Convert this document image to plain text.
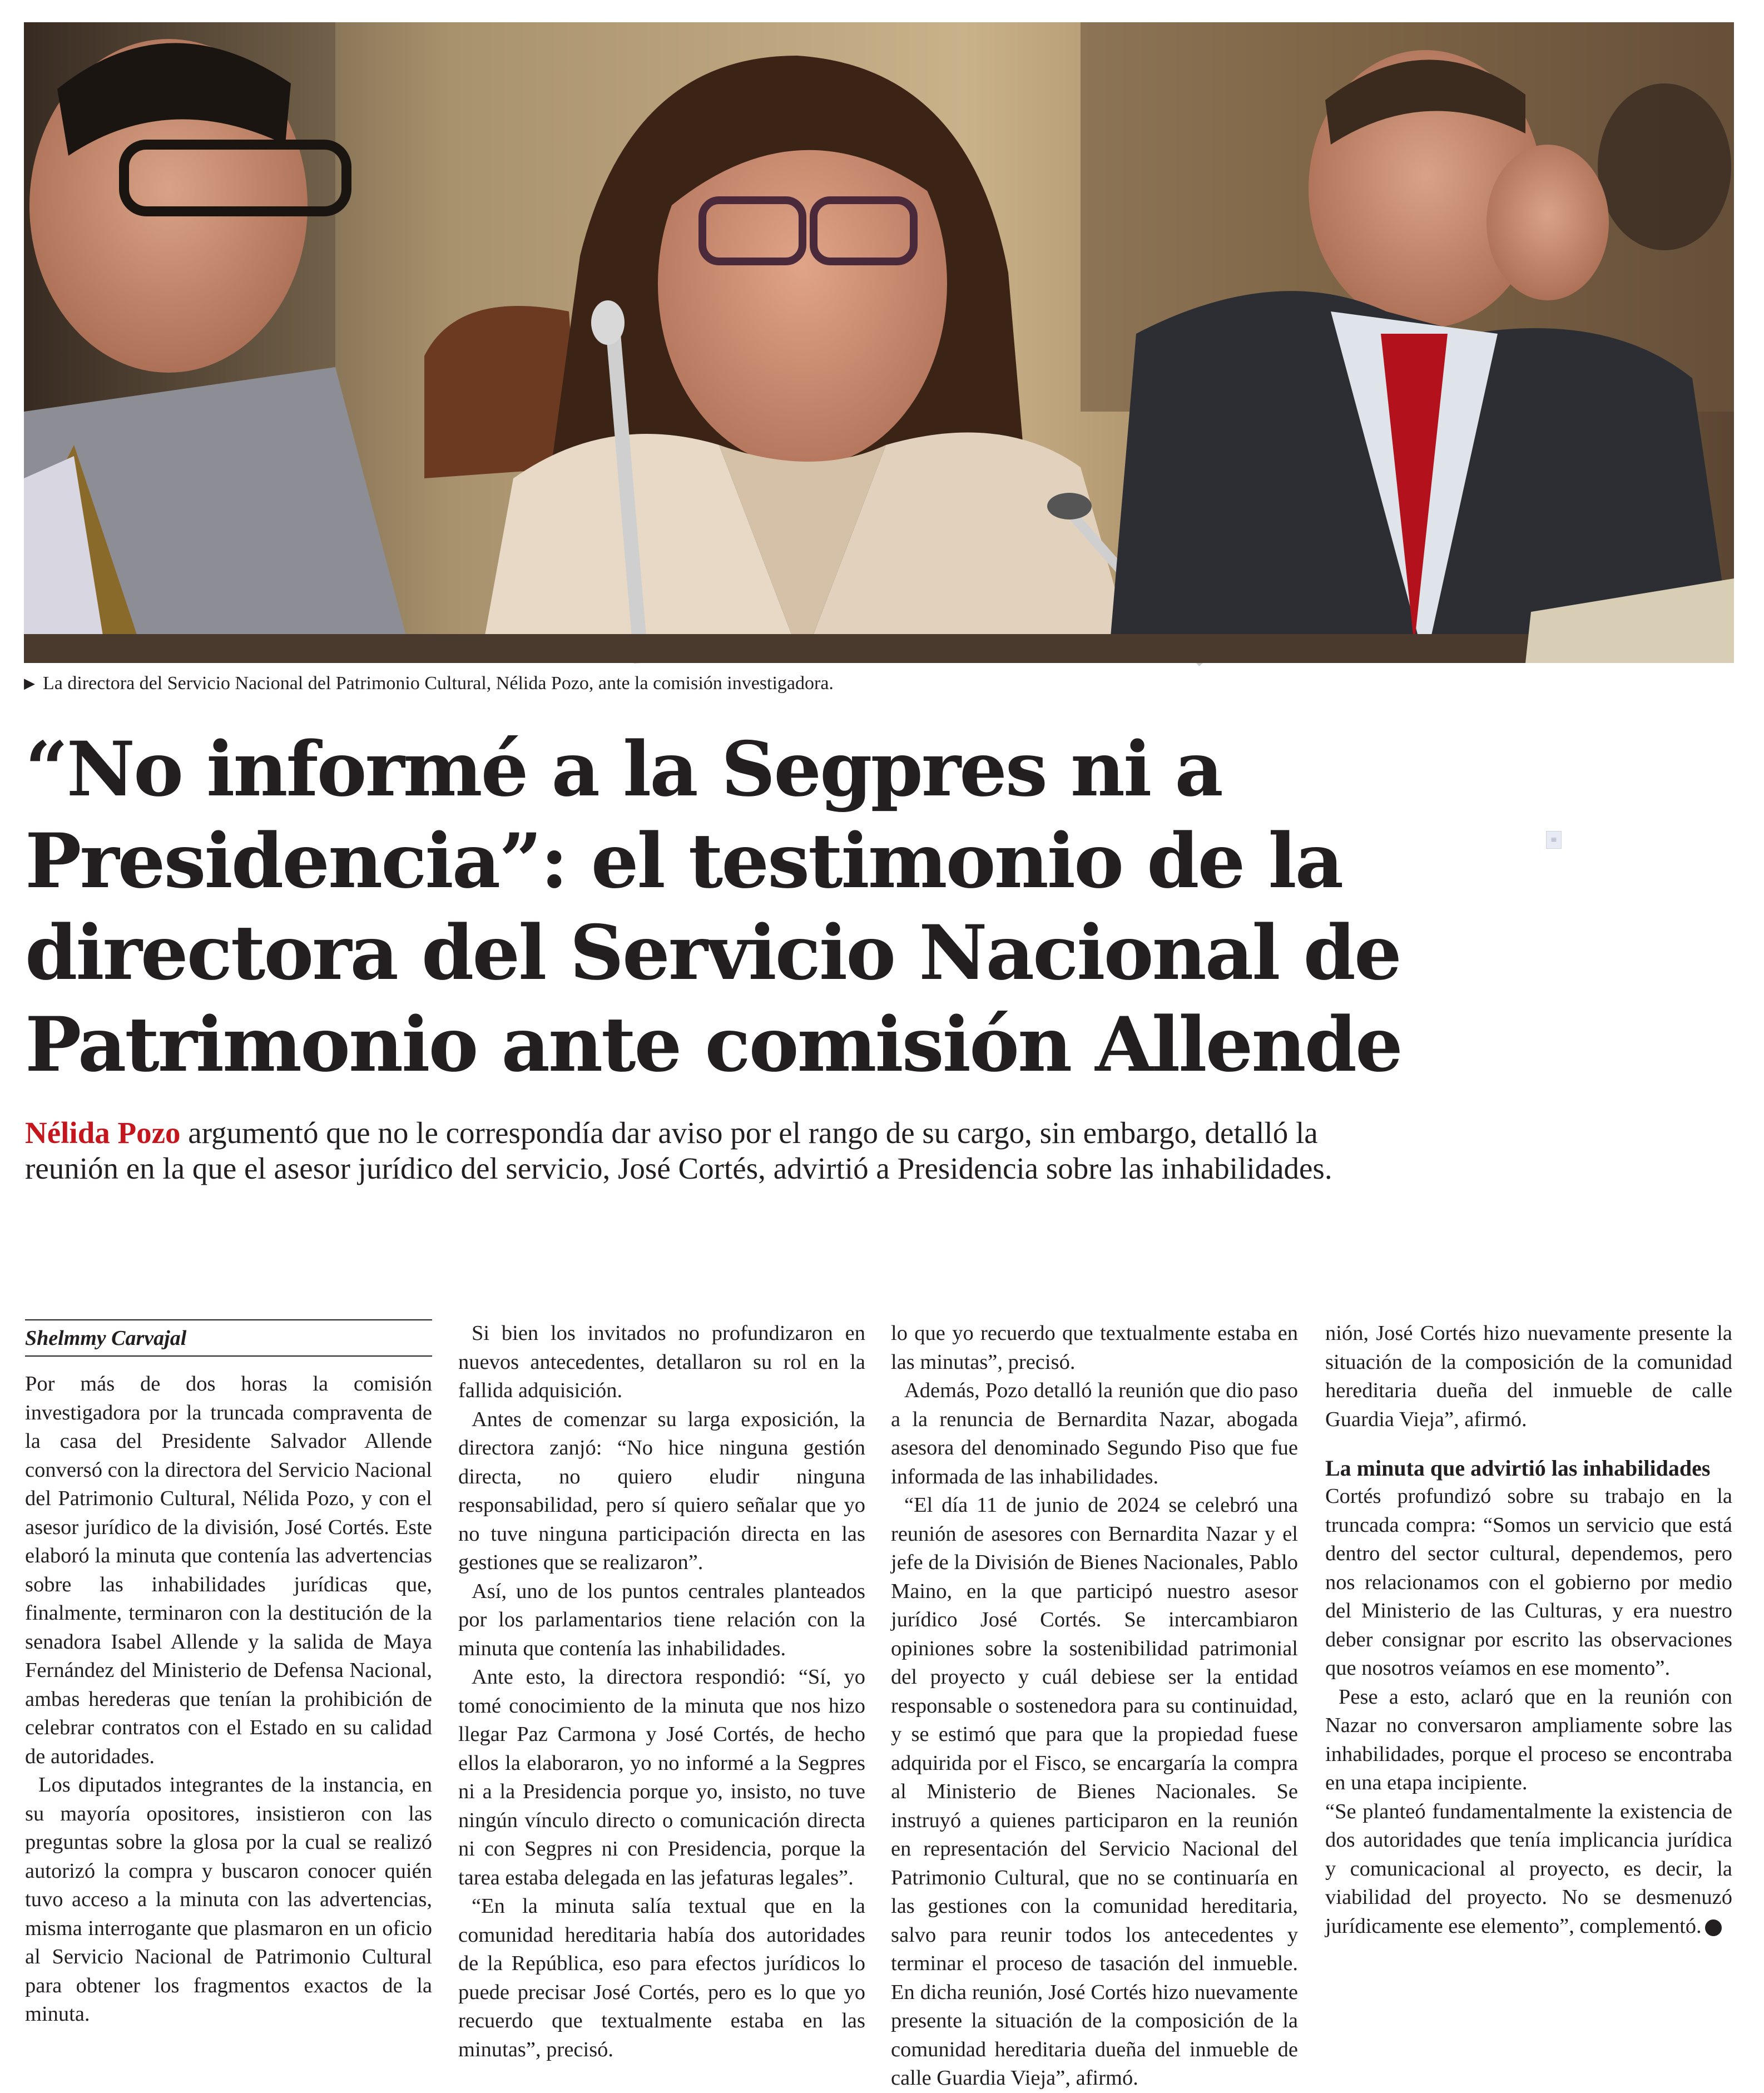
▶ La directora del Servicio Nacional del Patrimonio Cultural, Nélida Pozo, ante la comisión investigadora.
≡
“No informé a la Segpres ni a
Presidencia”: el testimonio de la
directora del Servicio Nacional de
Patrimonio ante comisión Allende
Nélida Pozo argumentó que no le correspondía dar aviso por el rango de su cargo, sin embargo, detalló la
reunión en la que el asesor jurídico del servicio, José Cortés, advirtió a Presidencia sobre las inhabilidades.
Shelmmy Carvajal

Por más de dos horas la comisión investigadora por la truncada compraventa de la casa del Presidente Salvador Allende conversó con la directora del Servicio Nacional del Patrimonio Cultural, Nélida Pozo, y con el asesor jurídico de la división, José Cortés. Este elaboró la minuta que contenía las advertencias sobre las inhabilidades jurídicas que, finalmente, terminaron con la destitución de la senadora Isabel Allende y la salida de Maya Fernández del Ministerio de Defensa Nacional, ambas herederas que tenían la prohibición de celebrar contratos con el Estado en su calidad de autoridades.

Los diputados integrantes de la instancia, en su mayoría opositores, insistieron con las preguntas sobre la glosa por la cual se realizó autorizó la compra y buscaron conocer quién tuvo acceso a la minuta con las advertencias, misma interrogante que plasmaron en un oficio al Servicio Nacional de Patrimonio Cultural para obtener los fragmentos exactos de la minuta.

Si bien los invitados no profundizaron en nuevos antecedentes, detallaron su rol en la fallida adquisición.

Antes de comenzar su larga exposición, la directora zanjó: “No hice ninguna gestión directa, no quiero eludir ninguna responsabilidad, pero sí quiero señalar que yo no tuve ninguna participación directa en las gestiones que se realizaron”.

Así, uno de los puntos centrales planteados por los parlamentarios tiene relación con la minuta que contenía las inhabilidades.

Ante esto, la directora respondió: “Sí, yo tomé conocimiento de la minuta que nos hizo llegar Paz Carmona y José Cortés, de hecho ellos la elaboraron, yo no informé a la Segpres ni a la Presidencia porque yo, insisto, no tuve ningún vínculo directo o comunicación directa ni con Segpres ni con Presidencia, porque la tarea estaba delegada en las jefaturas legales”.

“En la minuta salía textual que en la comunidad hereditaria había dos autoridades de la República, eso para efectos jurídicos lo puede precisar José Cortés, pero es lo que yo recuerdo que textualmente estaba en las minutas”, precisó.

lo que yo recuerdo que textualmente estaba en las minutas”, precisó.

Además, Pozo detalló la reunión que dio paso a la renuncia de Bernardita Nazar, abogada asesora del denominado Segundo Piso que fue informada de las inhabilidades.

“El día 11 de junio de 2024 se celebró una reunión de asesores con Bernardita Nazar y el jefe de la División de Bienes Nacionales, Pablo Maino, en la que participó nuestro asesor jurídico José Cortés. Se intercambiaron opiniones sobre la sostenibilidad patrimonial del proyecto y cuál debiese ser la entidad responsable o sostenedora para su continuidad, y se estimó que para que la propiedad fuese adquirida por el Fisco, se encargaría la compra al Ministerio de Bienes Nacionales. Se instruyó a quienes participaron en la reunión en representación del Servicio Nacional del Patrimonio Cultural, que no se continuaría en las gestiones con la comunidad hereditaria, salvo para reunir todos los antecedentes y terminar el proceso de tasación del inmueble. En dicha reunión, José Cortés hizo nuevamente presente la situación de la composición de la comunidad hereditaria dueña del inmueble de calle Guardia Vieja”, afirmó.

nión, José Cortés hizo nuevamente presente la situación de la composición de la comunidad hereditaria dueña del inmueble de calle Guardia Vieja”, afirmó.

La minuta que advirtió las inhabilidades

Cortés profundizó sobre su trabajo en la truncada compra: “Somos un servicio que está dentro del sector cultural, dependemos, pero nos relacionamos con el gobierno por medio del Ministerio de las Culturas, y era nuestro deber consignar por escrito las observaciones que nosotros veíamos en ese momento”.

Pese a esto, aclaró que en la reunión con Nazar no conversaron ampliamente sobre las inhabilidades, porque el proceso se encontraba en una etapa incipiente.

“Se planteó fundamentalmente la existencia de dos autoridades que tenía implicancia jurídica y comunicacional al proyecto, es decir, la viabilidad del proyecto. No se desmenuzó jurídicamente ese elemento”, complementó.
